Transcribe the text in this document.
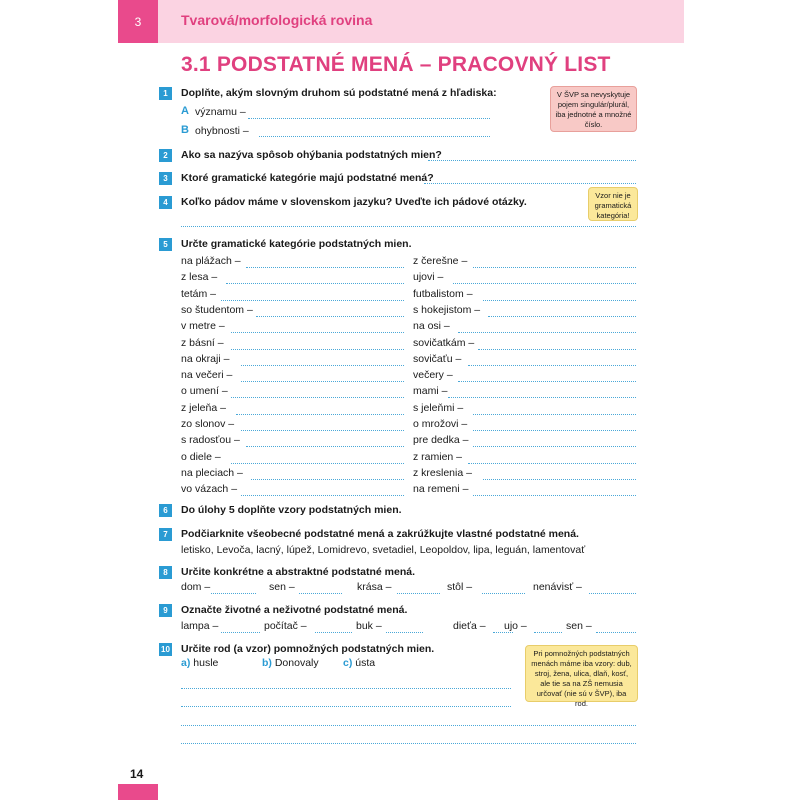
3	Tvarová/morfologická rovina
3.1 PODSTATNÉ MENÁ – PRACOVNÝ LIST
1	Doplňte, akým slovným druhom sú podstatné mená z hľadiska:
A významu –
B ohybnosti –
V ŠVP sa nevyskytuje pojem singulár/plurál, iba jednotné a množné číslo.
2	Ako sa nazýva spôsob ohýbania podstatných mien?
3	Ktoré gramatické kategórie majú podstatné mená?
4	Koľko pádov máme v slovenskom jazyku? Uveďte ich pádové otázky.
Vzor nie je gramatická kategória!
5	Určte gramatické kategórie podstatných mien.
na plážach –	z čerešne –
z lesa –	ujovi –
tetám –	futbalistom –
so študentom –	s hokejistom –
v metre –	na osi –
z básní –	sovičatkám –
na okraji –	sovičaťu –
na večeri –	večery –
o umení –	mami –
z jeleňa –	s jeleňmi –
zo slonov –	o mrožovi –
s radosťou –	pre dedka –
o diele –	z ramien –
na pleciach –	z kreslenia –
vo vázach –	na remeni –
6	Do úlohy 5 doplňte vzory podstatných mien.
7	Podčiarknite všeobecné podstatné mená a zakrúžkujte vlastné podstatné mená.
letisko, Levoča, lacný, lúpež, Lomidrevo, svetadiel, Leopoldov, lipa, leguán, lamentovať
8	Určite konkrétne a abstraktné podstatné mená.
dom –	sen –	krása –	stôl –	nenávisť –
9	Označte životné a neživotné podstatné mená.
lampa –	počítač –	buk –	dieťa – ujo –	sen –
10 Určite rod (a vzor) pomnožných podstatných mien.
a) husle	b) Donovaly c) ústa
Pri pomnožných podstatných menách máme iba vzory: dub, stroj, žena, ulica, dlaň, kosť, ale tie sa na ZŠ nemusia určovať (nie sú v ŠVP), iba rod.
14
